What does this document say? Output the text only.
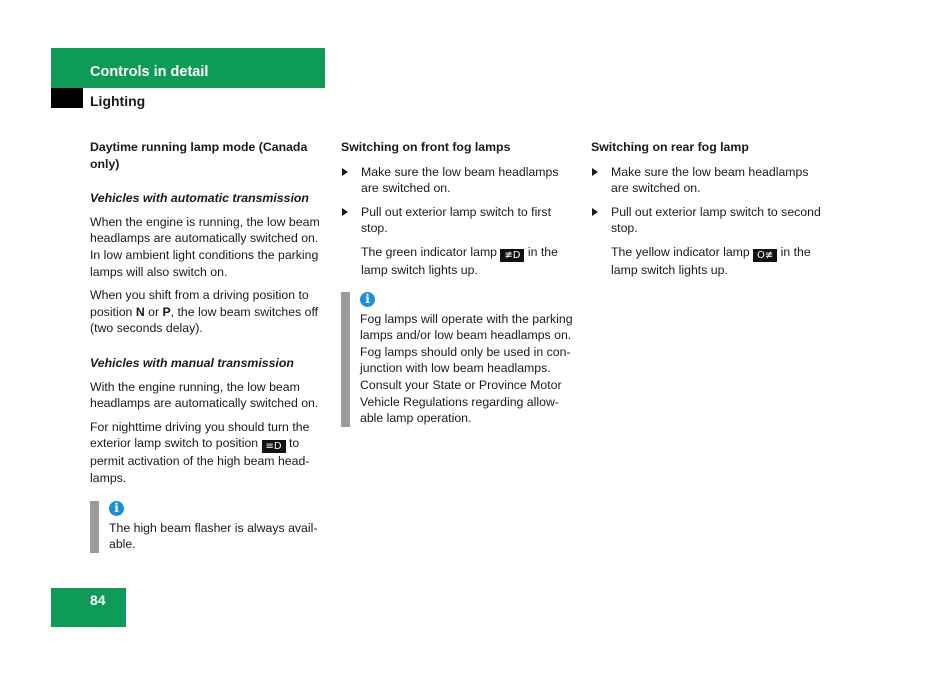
Controls in detail
Lighting
Daytime running lamp mode (Canada only)
Vehicles with automatic transmission

When the engine is running, the low beam headlamps are automatically switched on. In low ambient light conditions the parking lamps will also switch on.

When you shift from a driving position to position N or P, the low beam switches off (two seconds delay).

Vehicles with manual transmission

With the engine running, the low beam headlamps are automatically switched on.

For nighttime driving you should turn the exterior lamp switch to position ≡D to permit activation of the high beam head-lamps.

i

The high beam flasher is always avail-able.

Switching on front fog lamps
Make sure the low beam headlamps are switched on.
Pull out exterior lamp switch to first stop.

The green indicator lamp ≢D in the lamp switch lights up.

i

Fog lamps will operate with the parking lamps and/or low beam headlamps on. Fog lamps should only be used in con-junction with low beam headlamps. Consult your State or Province Motor Vehicle Regulations regarding allow-able lamp operation.

Switching on rear fog lamp
Make sure the low beam headlamps are switched on.
Pull out exterior lamp switch to second stop.

The yellow indicator lamp O≢ in the lamp switch lights up.

84
